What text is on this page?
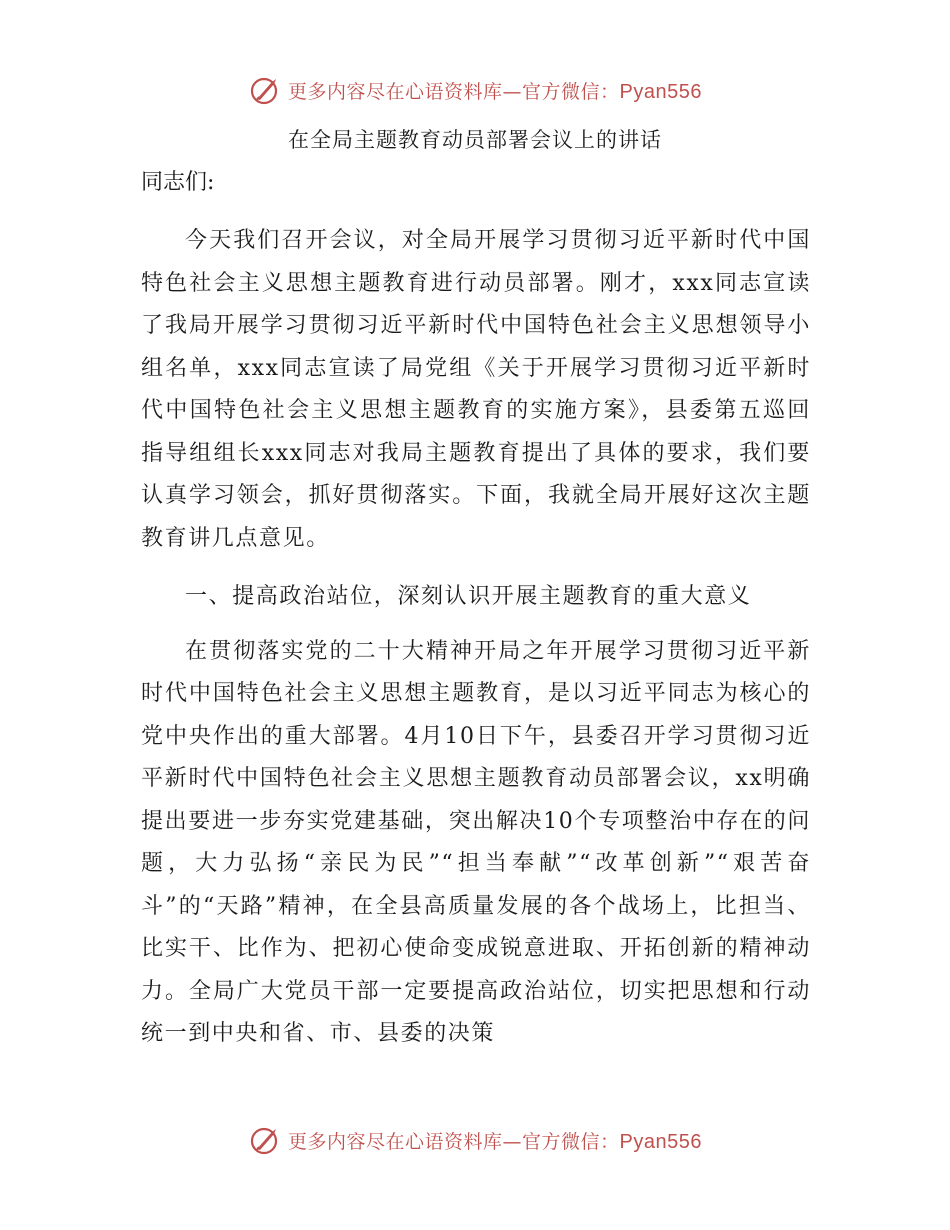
更多内容尽在心语资料库—官方微信：Pyan556
在全局主题教育动员部署会议上的讲话

同志们:

今天我们召开会议，对全局开展学习贯彻习近平新时代中国特色社会主义思想主题教育进行动员部署。刚才，xxx同志宣读了我局开展学习贯彻习近平新时代中国特色社会主义思想领导小组名单，xxx同志宣读了局党组《关于开展学习贯彻习近平新时代中国特色社会主义思想主题教育的实施方案》，县委第五巡回指导组组长xxx同志对我局主题教育提出了具体的要求，我们要认真学习领会，抓好贯彻落实。下面，我就全局开展好这次主题教育讲几点意见。

一、提高政治站位，深刻认识开展主题教育的重大意义

在贯彻落实党的二十大精神开局之年开展学习贯彻习近平新时代中国特色社会主义思想主题教育，是以习近平同志为核心的党中央作出的重大部署。4月10日下午，县委召开学习贯彻习近平新时代中国特色社会主义思想主题教育动员部署会议，xx明确提出要进一步夯实党建基础，突出解决10个专项整治中存在的问题，大力弘扬“亲民为民”“担当奉献”“改革创新”“艰苦奋斗”的“天路”精神，在全县高质量发展的各个战场上，比担当、比实干、比作为、把初心使命变成锐意进取、开拓创新的精神动力。全局广大党员干部一定要提高政治站位，切实把思想和行动统一到中央和省、市、县委的决策

更多内容尽在心语资料库—官方微信：Pyan556
